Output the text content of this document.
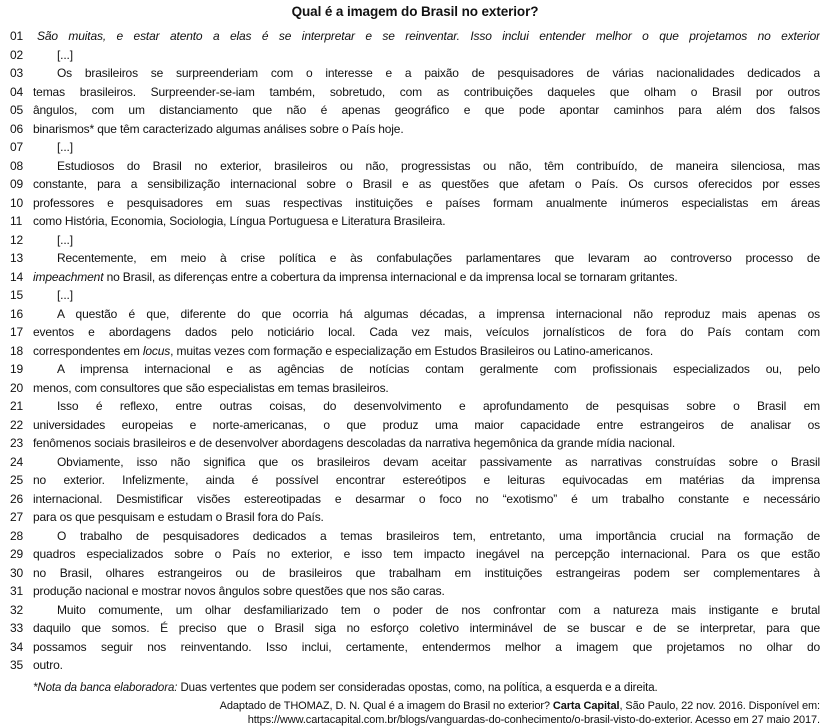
Qual é a imagem do Brasil no exterior?
01	São muitas, e estar atento a elas é se interpretar e se reinventar. Isso inclui entender melhor o que projetamos no exterior
02	[...]
03	Os brasileiros se surpreenderiam com o interesse e a paixão de pesquisadores de várias nacionalidades dedicados a
04 temas brasileiros. Surpreender-se-iam também, sobretudo, com as contribuições daqueles que olham o Brasil por outros
05 ângulos, com um distanciamento que não é apenas geográfico e que pode apontar caminhos para além dos falsos
06 binarismos* que têm caracterizado algumas análises sobre o País hoje.
07	[...]
08	Estudiosos do Brasil no exterior, brasileiros ou não, progressistas ou não, têm contribuído, de maneira silenciosa, mas
09 constante, para a sensibilização internacional sobre o Brasil e as questões que afetam o País. Os cursos oferecidos por esses
10 professores e pesquisadores em suas respectivas instituições e países formam anualmente inúmeros especialistas em áreas
11 como História, Economia, Sociologia, Língua Portuguesa e Literatura Brasileira.
12	[...]
13	Recentemente, em meio à crise política e às confabulações parlamentares que levaram ao controverso processo de
14 impeachment no Brasil, as diferenças entre a cobertura da imprensa internacional e da imprensa local se tornaram gritantes.
15	[...]
16	A questão é que, diferente do que ocorria há algumas décadas, a imprensa internacional não reproduz mais apenas os
17 eventos e abordagens dados pelo noticiário local. Cada vez mais, veículos jornalísticos de fora do País contam com
18 correspondentes em locus, muitas vezes com formação e especialização em Estudos Brasileiros ou Latino-americanos.
19	A imprensa internacional e as agências de notícias contam geralmente com profissionais especializados ou, pelo
20 menos, com consultores que são especialistas em temas brasileiros.
21	Isso é reflexo, entre outras coisas, do desenvolvimento e aprofundamento de pesquisas sobre o Brasil em
22 universidades europeias e norte-americanas, o que produz uma maior capacidade entre estrangeiros de analisar os
23 fenômenos sociais brasileiros e de desenvolver abordagens descoladas da narrativa hegemônica da grande mídia nacional.
24	Obviamente, isso não significa que os brasileiros devam aceitar passivamente as narrativas construídas sobre o Brasil
25 no exterior. Infelizmente, ainda é possível encontrar estereótipos e leituras equivocadas em matérias da imprensa
26 internacional. Desmistificar visões estereotipadas e desarmar o foco no “exotismo” é um trabalho constante e necessário
27 para os que pesquisam e estudam o Brasil fora do País.
28	O trabalho de pesquisadores dedicados a temas brasileiros tem, entretanto, uma importância crucial na formação de
29 quadros especializados sobre o País no exterior, e isso tem impacto inegável na percepção internacional. Para os que estão
30 no Brasil, olhares estrangeiros ou de brasileiros que trabalham em instituições estrangeiras podem ser complementares à
31 produção nacional e mostrar novos ângulos sobre questões que nos são caras.
32	Muito comumente, um olhar desfamiliarizado tem o poder de nos confrontar com a natureza mais instigante e brutal
33 daquilo que somos. É preciso que o Brasil siga no esforço coletivo interminável de se buscar e de se interpretar, para que
34 possamos seguir nos reinventando. Isso inclui, certamente, entendermos melhor a imagem que projetamos no olhar do
35 outro.
*Nota da banca elaboradora: Duas vertentes que podem ser consideradas opostas, como, na política, a esquerda e a direita.
Adaptado de THOMAZ, D. N. Qual é a imagem do Brasil no exterior? Carta Capital, São Paulo, 22 nov. 2016. Disponível em:
https://www.cartacapital.com.br/blogs/vanguardas-do-conhecimento/o-brasil-visto-do-exterior. Acesso em 27 maio 2017.
